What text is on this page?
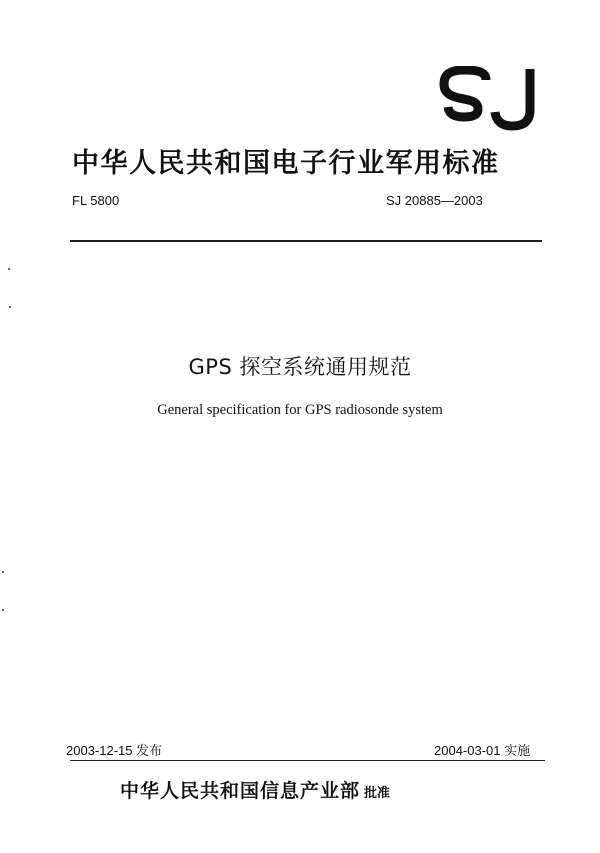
中华人民共和国电子行业军用标准
FL 5800	SJ 20885—2003
GPS 探空系统通用规范
General specification for GPS radiosonde system
2003-12-15 发布	2004-03-01 实施
中华人民共和国信息产业部 批准
